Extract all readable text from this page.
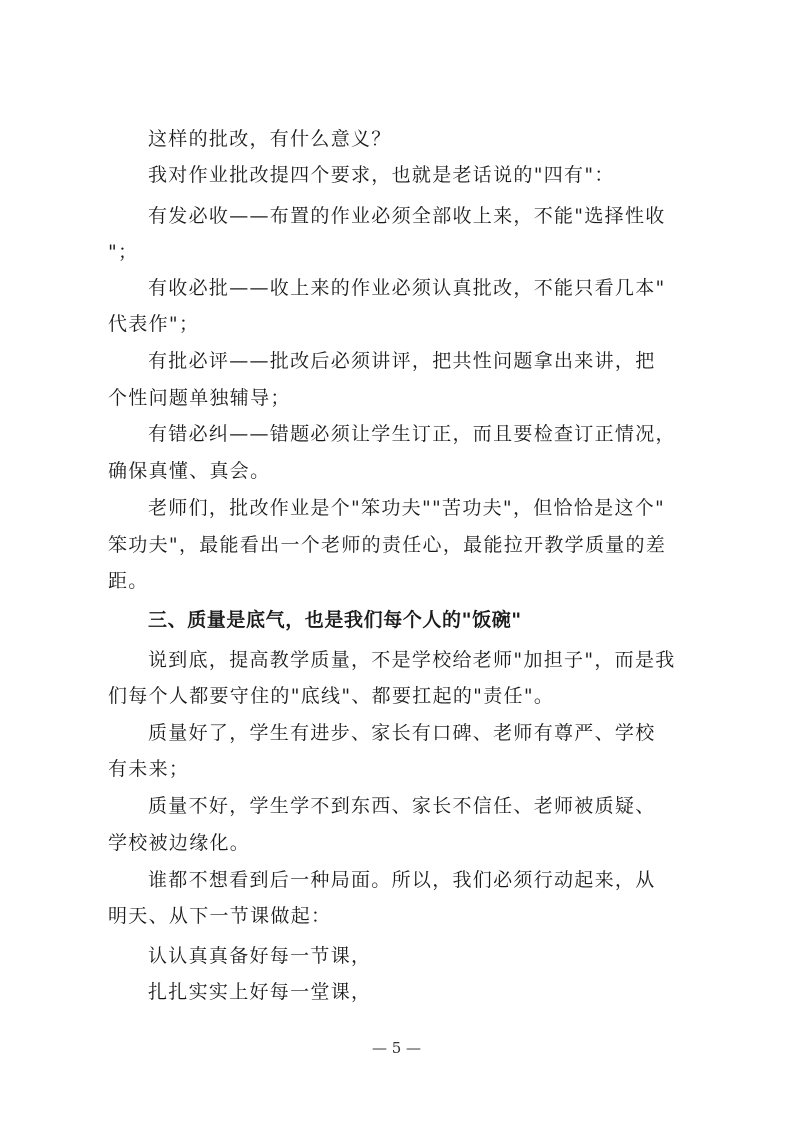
这样的批改，有什么意义？
我对作业批改提四个要求，也就是老话说的"四有"：
有发必收——布置的作业必须全部收上来，不能"选择性收
"；
有收必批——收上来的作业必须认真批改，不能只看几本"
代表作"；
有批必评——批改后必须讲评，把共性问题拿出来讲，把
个性问题单独辅导；
有错必纠——错题必须让学生订正，而且要检查订正情况，
确保真懂、真会。
老师们，批改作业是个"笨功夫""苦功夫"，但恰恰是这个"
笨功夫"，最能看出一个老师的责任心，最能拉开教学质量的差
距。
三、质量是底气，也是我们每个人的"饭碗"
说到底，提高教学质量，不是学校给老师"加担子"，而是我
们每个人都要守住的"底线"、都要扛起的"责任"。
质量好了，学生有进步、家长有口碑、老师有尊严、学校
有未来；
质量不好，学生学不到东西、家长不信任、老师被质疑、
学校被边缘化。
谁都不想看到后一种局面。所以，我们必须行动起来，从
明天、从下一节课做起：
认认真真备好每一节课，
扎扎实实上好每一堂课，
— 5 —
